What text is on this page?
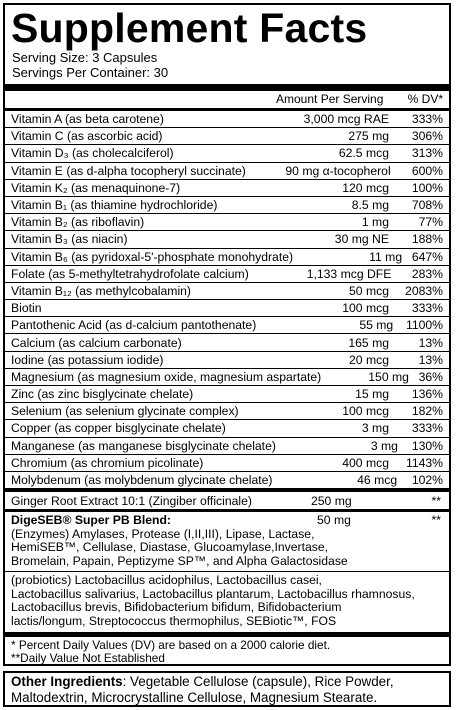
Supplement Facts
Serving Size: 3 Capsules
Servings Per Container: 30
Amount Per Serving	% DV*
Vitamin A (as beta carotene)	3,000 mcg RAE	333%
Vitamin C (as ascorbic acid)	275 mg	306%
Vitamin D₃ (as cholecalciferol)	62.5 mcg	313%
Vitamin E (as d-alpha tocopheryl succinate)	90 mg α-tocopherol	600%
Vitamin K₂ (as menaquinone-7)	120 mcg	100%
Vitamin B₁ (as thiamine hydrochloride)	8.5 mg	708%
Vitamin B₂ (as riboflavin)	1 mg	77%
Vitamin B₃ (as niacin)	30 mg NE	188%
Vitamin B₆ (as pyridoxal-5'-phosphate monohydrate)	11 mg 647%
Folate (as 5-methyltetrahydrofolate calcium)	1,133 mcg DFE	283%
Vitamin B₁₂ (as methylcobalamin)	50 mcg	2083%
Biotin	100 mcg	333%
Pantothenic Acid (as d-calcium pantothenate)	55 mg	1100%
Calcium (as calcium carbonate)	165 mg	13%
Iodine (as potassium iodide)	20 mcg	13%
Magnesium (as magnesium oxide, magnesium aspartate)	150 mg 36%
Zinc (as zinc bisglycinate chelate)	15 mg	136%
Selenium (as selenium glycinate complex)	100 mcg	182%
Copper (as copper bisglycinate chelate)	3 mg	333%
Manganese (as manganese bisglycinate chelate)	3 mg	130%
Chromium (as chromium picolinate)	400 mcg	1143%
Molybdenum (as molybdenum glycinate chelate)	46 mcg	102%
Ginger Root Extract 10:1 (Zingiber officinale)	250 mg	**
DigeSEB® Super PB Blend:	50 mg	**
(Enzymes) Amylases, Protease (I,II,III), Lipase, Lactase,
HemiSEB™, Cellulase, Diastase, Glucoamylase,Invertase,
Bromelain, Papain, Peptizyme SP™, and Alpha Galactosidase
(probiotics) Lactobacillus acidophilus, Lactobacillus casei,
Lactobacillus salivarius, Lactobacillus plantarum, Lactobacillus rhamnosus,
Lactobacillus brevis, Bifidobacterium bifidum, Bifidobacterium
lactis/longum, Streptococcus thermophilus, SEBiotic™, FOS
* Percent Daily Values (DV) are based on a 2000 calorie diet.
**Daily Value Not Established
Other Ingredients: Vegetable Cellulose (capsule), Rice Powder,
Maltodextrin, Microcrystalline Cellulose, Magnesium Stearate.
